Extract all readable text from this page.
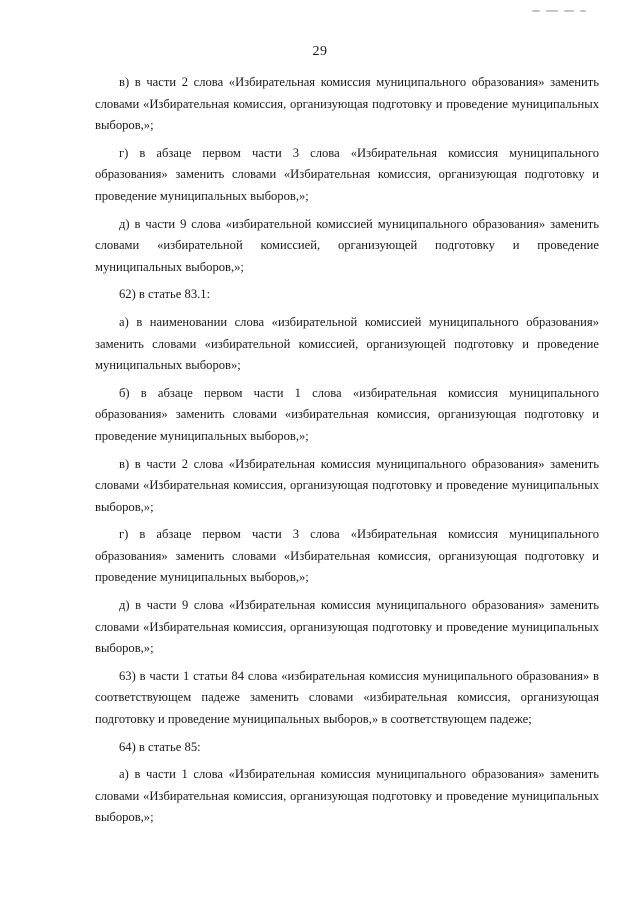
29

в) в части 2 слова «Избирательная комиссия муниципального образования» заменить словами «Избирательная комиссия, организующая подготовку и проведение муниципальных выборов,»;

г) в абзаце первом части 3 слова «Избирательная комиссия муниципального образования» заменить словами «Избирательная комиссия, организующая подготовку и проведение муниципальных выборов,»;

д) в части 9 слова «избирательной комиссией муниципального образования» заменить словами «избирательной комиссией, организующей подготовку и проведение муниципальных выборов,»;

62) в статье 83.1:

а) в наименовании слова «избирательной комиссией муниципального образования» заменить словами «избирательной комиссией, организующей подготовку и проведение муниципальных выборов»;

б) в абзаце первом части 1 слова «избирательная комиссия муниципального образования» заменить словами «избирательная комиссия, организующая подготовку и проведение муниципальных выборов,»;

в) в части 2 слова «Избирательная комиссия муниципального образования» заменить словами «Избирательная комиссия, организующая подготовку и проведение муниципальных выборов,»;

г) в абзаце первом части 3 слова «Избирательная комиссия муниципального образования» заменить словами «Избирательная комиссия, организующая подготовку и проведение муниципальных выборов,»;

д) в части 9 слова «Избирательная комиссия муниципального образования» заменить словами «Избирательная комиссия, организующая подготовку и проведение муниципальных выборов,»;

63) в части 1 статьи 84 слова «избирательная комиссия муниципального образования» в соответствующем падеже заменить словами «избирательная комиссия, организующая подготовку и проведение муниципальных выборов,» в соответствующем падеже;

64) в статье 85:

а) в части 1 слова «Избирательная комиссия муниципального образования» заменить словами «Избирательная комиссия, организующая подготовку и проведение муниципальных выборов,»;
